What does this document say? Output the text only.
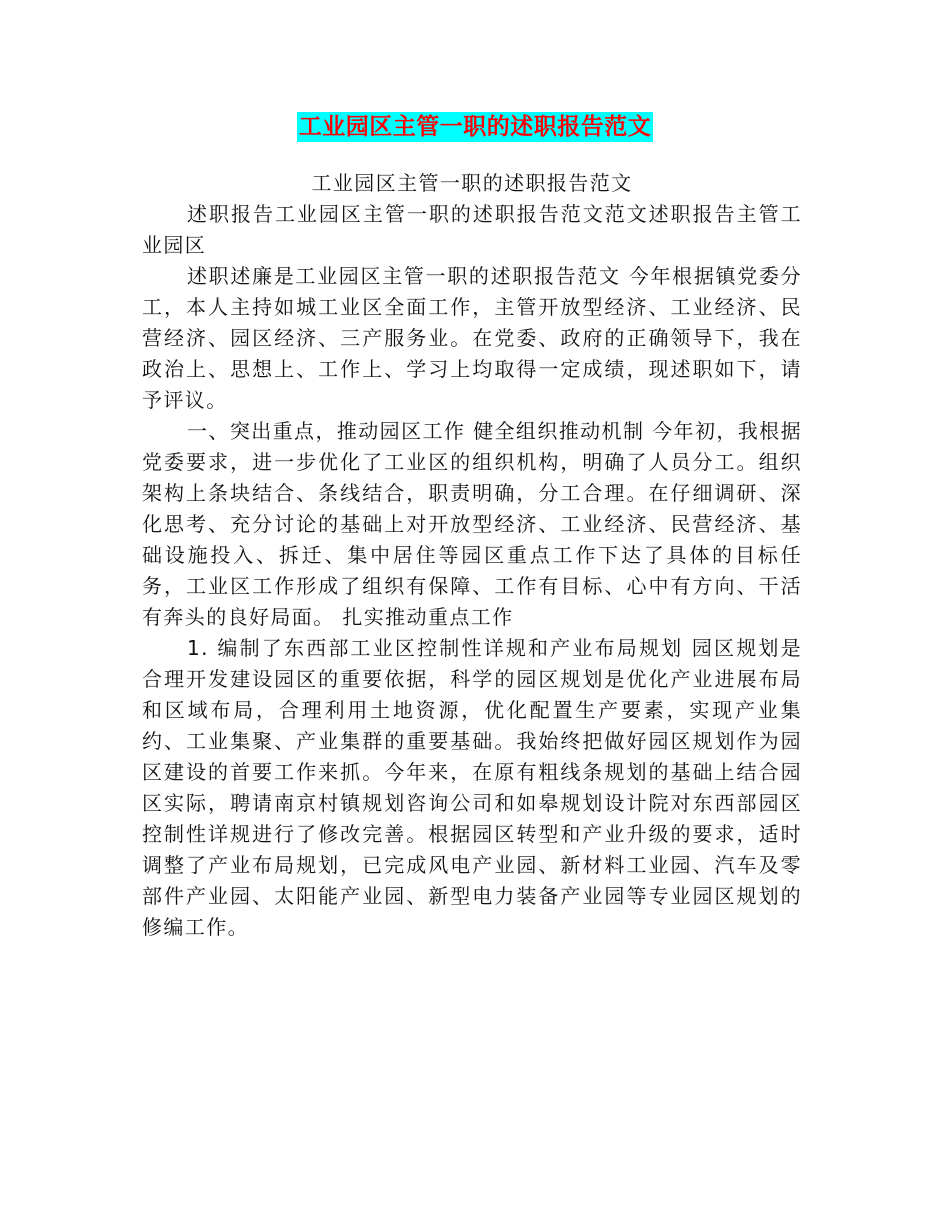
工业园区主管一职的述职报告范文

工业园区主管一职的述职报告范文

述职报告工业园区主管一职的述职报告范文范文述职报告主管工业园区

述职述廉是工业园区主管一职的述职报告范文 今年根据镇党委分工，本人主持如城工业区全面工作，主管开放型经济、工业经济、民营经济、园区经济、三产服务业。在党委、政府的正确领导下，我在政治上、思想上、工作上、学习上均取得一定成绩，现述职如下，请予评议。

一、突出重点，推动园区工作 健全组织推动机制 今年初，我根据党委要求，进一步优化了工业区的组织机构，明确了人员分工。组织架构上条块结合、条线结合，职责明确，分工合理。在仔细调研、深化思考、充分讨论的基础上对开放型经济、工业经济、民营经济、基础设施投入、拆迁、集中居住等园区重点工作下达了具体的目标任务，工业区工作形成了组织有保障、工作有目标、心中有方向、干活有奔头的良好局面。 扎实推动重点工作

1. 编制了东西部工业区控制性详规和产业布局规划 园区规划是合理开发建设园区的重要依据，科学的园区规划是优化产业进展布局和区域布局，合理利用土地资源，优化配置生产要素，实现产业集约、工业集聚、产业集群的重要基础。我始终把做好园区规划作为园区建设的首要工作来抓。今年来，在原有粗线条规划的基础上结合园区实际，聘请南京村镇规划咨询公司和如皋规划设计院对东西部园区控制性详规进行了修改完善。根据园区转型和产业升级的要求，适时调整了产业布局规划，已完成风电产业园、新材料工业园、汽车及零部件产业园、太阳能产业园、新型电力装备产业园等专业园区规划的修编工作。
